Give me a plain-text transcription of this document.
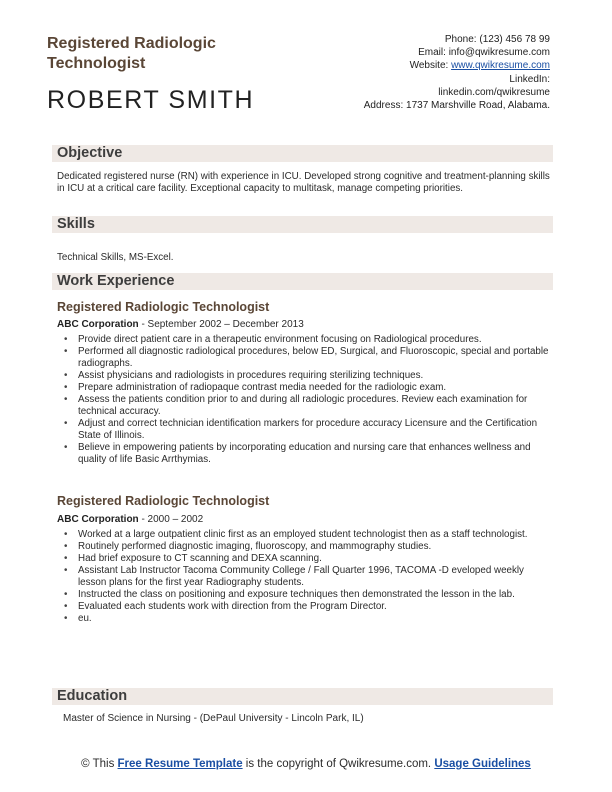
Registered Radiologic Technologist
ROBERT SMITH
Phone: (123) 456 78 99
Email: info@qwikresume.com
Website: www.qwikresume.com
LinkedIn:
linkedin.com/qwikresume
Address: 1737 Marshville Road, Alabama.
Objective
Dedicated registered nurse (RN) with experience in ICU. Developed strong cognitive and treatment-planning skills in ICU at a critical care facility. Exceptional capacity to multitask, manage competing priorities.
Skills
Technical Skills, MS-Excel.
Work Experience
Registered Radiologic Technologist
ABC Corporation - September 2002 – December 2013
• Provide direct patient care in a therapeutic environment focusing on Radiological procedures.
• Performed all diagnostic radiological procedures, below ED, Surgical, and Fluoroscopic, special and portable radiographs.
• Assist physicians and radiologists in procedures requiring sterilizing techniques.
• Prepare administration of radiopaque contrast media needed for the radiologic exam.
• Assess the patients condition prior to and during all radiologic procedures. Review each examination for technical accuracy.
• Adjust and correct technician identification markers for procedure accuracy Licensure and the Certification State of Illinois.
• Believe in empowering patients by incorporating education and nursing care that enhances wellness and quality of life Basic Arrthymias.
Registered Radiologic Technologist
ABC Corporation - 2000 – 2002
• Worked at a large outpatient clinic first as an employed student technologist then as a staff technologist.
• Routinely performed diagnostic imaging, fluoroscopy, and mammography studies.
• Had brief exposure to CT scanning and DEXA scanning.
• Assistant Lab Instructor Tacoma Community College / Fall Quarter 1996, TACOMA -D eveloped weekly lesson plans for the first year Radiography students.
• Instructed the class on positioning and exposure techniques then demonstrated the lesson in the lab.
• Evaluated each students work with direction from the Program Director.
• eu.
Education
Master of Science in Nursing - (DePaul University - Lincoln Park, IL)
© This Free Resume Template is the copyright of Qwikresume.com. Usage Guidelines
